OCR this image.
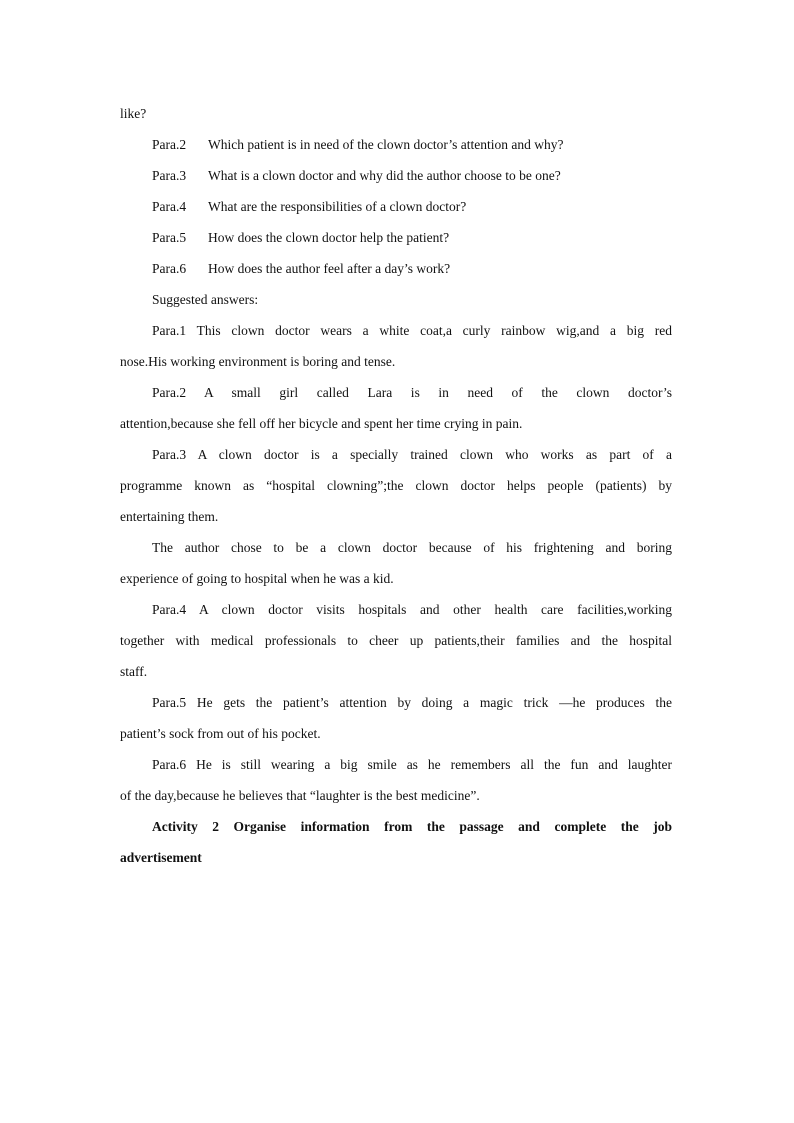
like?
Para.2 Which patient is in need of the clown doctor’s attention and why?
Para.3 What is a clown doctor and why did the author choose to be one?
Para.4 What are the responsibilities of a clown doctor?
Para.5 How does the clown doctor help the patient?
Para.6 How does the author feel after a day’s work?
Suggested answers:
Para.1 This clown doctor wears a white coat,a curly rainbow wig,and a big red
nose.His working environment is boring and tense.
Para.2 A small girl called Lara is in need of the clown doctor’s
attention,because she fell off her bicycle and spent her time crying in pain.
Para.3 A clown doctor is a specially trained clown who works as part of a
programme known as “hospital clowning”;the clown doctor helps people (patients) by
entertaining them.
The author chose to be a clown doctor because of his frightening and boring
experience of going to hospital when he was a kid.
Para.4 A clown doctor visits hospitals and other health care facilities,working
together with medical professionals to cheer up patients,their families and the hospital
staff.
Para.5 He gets the patient’s attention by doing a magic trick —he produces the
patient’s sock from out of his pocket.
Para.6 He is still wearing a big smile as he remembers all the fun and laughter
of the day,because he believes that “laughter is the best medicine”.
Activity 2 Organise information from the passage and complete the job
advertisement
